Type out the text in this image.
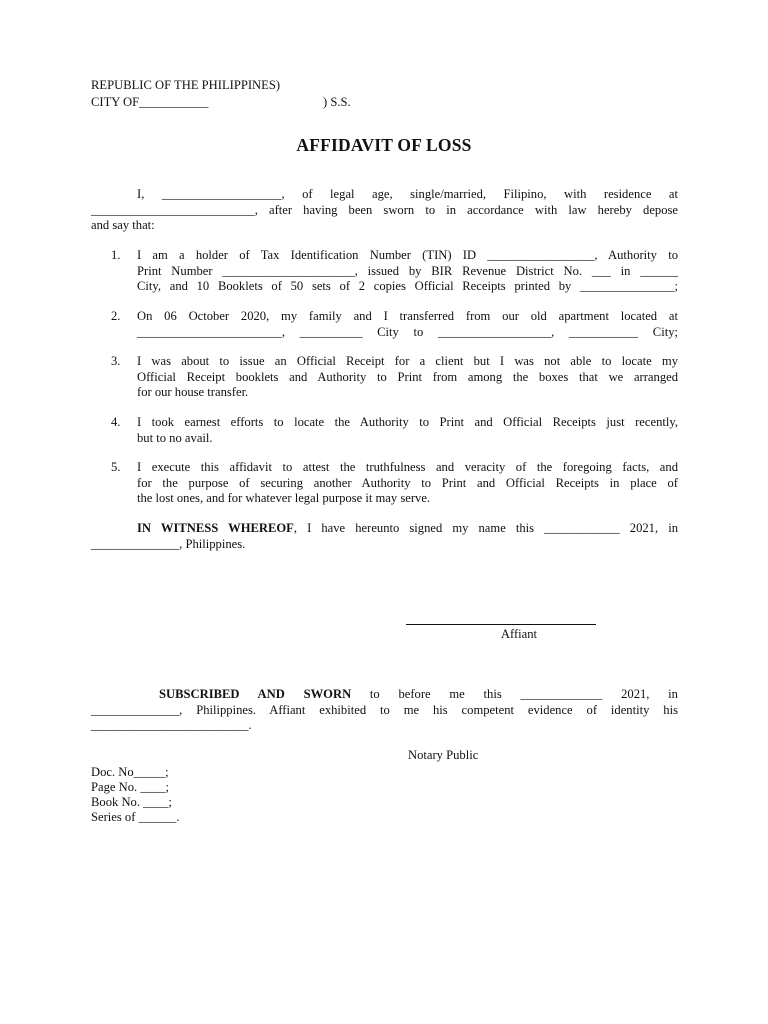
REPUBLIC OF THE PHILIPPINES)
CITY OF___________	) S.S.
AFFIDAVIT OF LOSS
I, ___________________, of legal age, single/married, Filipino, with residence at
__________________________, after having been sworn to in accordance with law hereby depose
and say that:
1.	I am a holder of Tax Identification Number (TIN) ID _________________, Authority to
Print Number _____________________, issued by BIR Revenue District No. ___ in ______
City, and 10 Booklets of 50 sets of 2 copies Official Receipts printed by _______________;
2.	On 06 October 2020, my family and I transferred from our old apartment located at
_______________________, __________ City to __________________, ___________ City;
3.	I was about to issue an Official Receipt for a client but I was not able to locate my
Official Receipt booklets and Authority to Print from among the boxes that we arranged
for our house transfer.
4.	I took earnest efforts to locate the Authority to Print and Official Receipts just recently,
but to no avail.
5.	I execute this affidavit to attest the truthfulness and veracity of the foregoing facts, and
for the purpose of securing another Authority to Print and Official Receipts in place of
the lost ones, and for whatever legal purpose it may serve.
IN WITNESS WHEREOF, I have hereunto signed my name this ____________ 2021, in
______________, Philippines.
Affiant
SUBSCRIBED AND SWORN to before me this _____________ 2021, in
______________, Philippines. Affiant exhibited to me his competent evidence of identity his
_________________________.
Notary Public
Doc. No_____;
Page No. ____;
Book No. ____;
Series of ______.
